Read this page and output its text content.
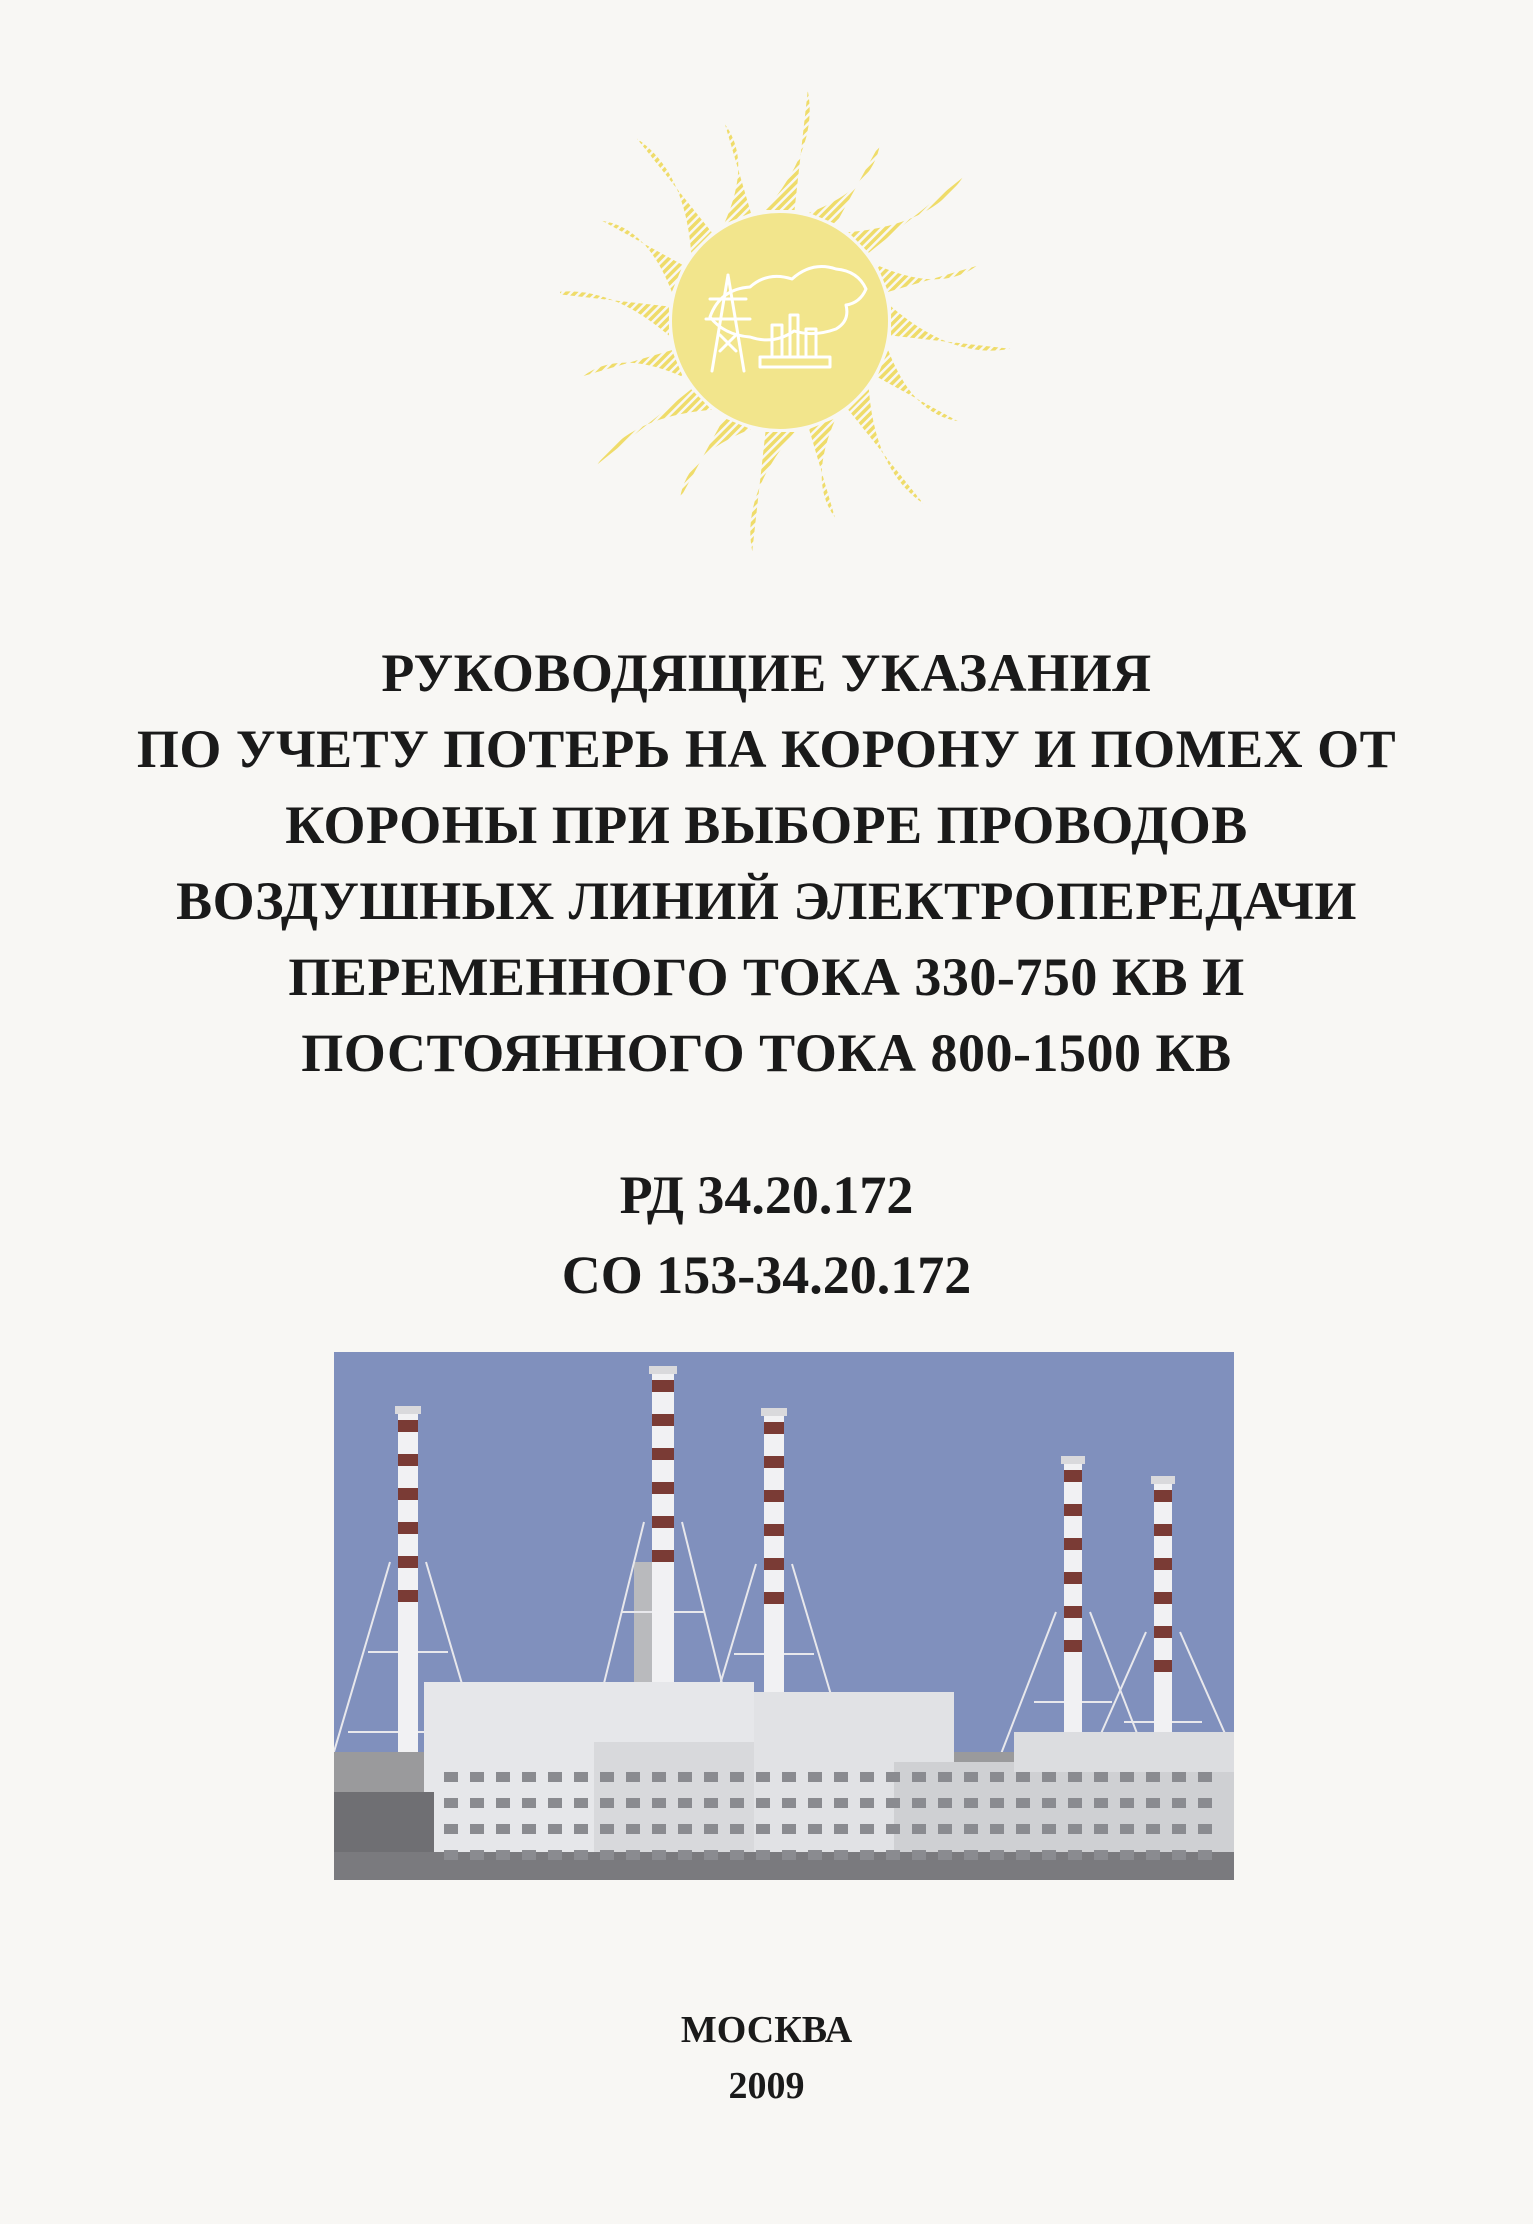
РУКОВОДЯЩИЕ УКАЗАНИЯ
ПО УЧЕТУ ПОТЕРЬ НА КОРОНУ И ПОМЕХ ОТ
КОРОНЫ ПРИ ВЫБОРЕ ПРОВОДОВ
ВОЗДУШНЫХ ЛИНИЙ ЭЛЕКТРОПЕРЕДАЧИ
ПЕРЕМЕННОГО ТОКА 330-750 КВ И
ПОСТОЯННОГО ТОКА 800-1500 КВ
РД 34.20.172
СО 153-34.20.172
МОСКВА
2009
